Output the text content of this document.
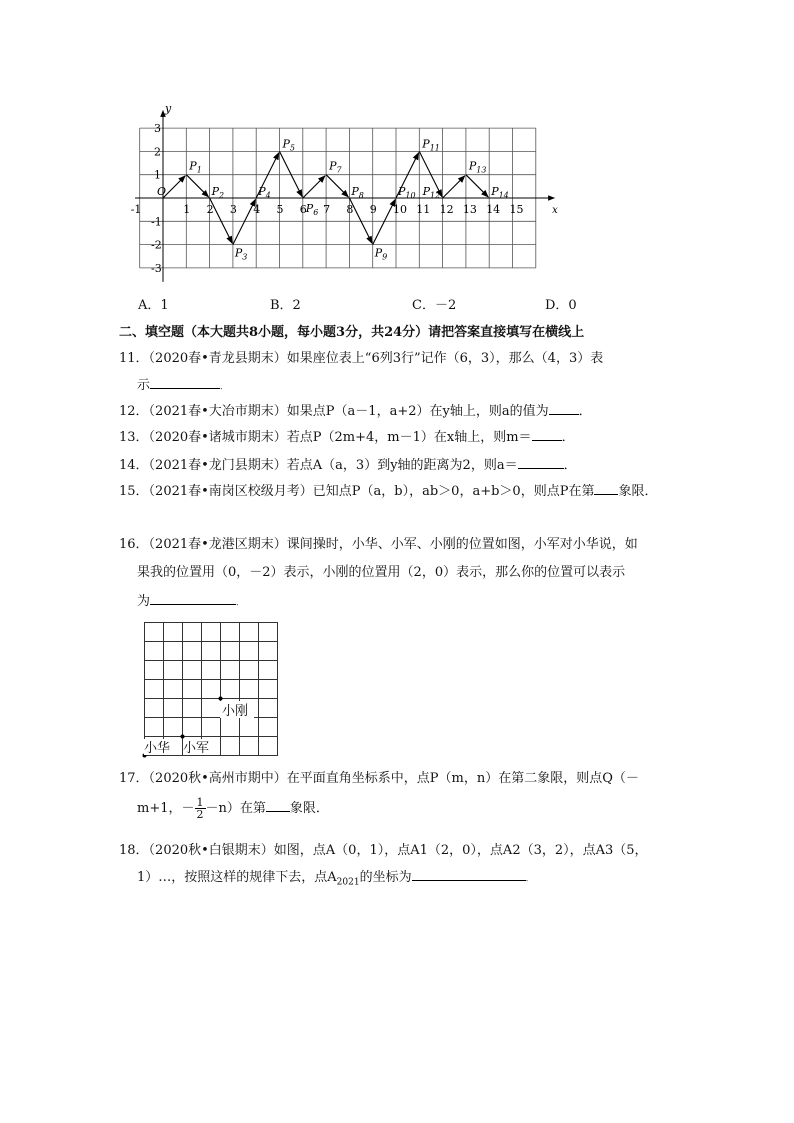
x
y
O
-1	1 2 3 4 5	7 8 9	11	13	15
6	10	12	14
3
2
1
-1
-2
-3
$P_1$
$P_2$
$P_3$
$P_4$
$P_5$
$P_6$
$P_7$
$P_8$
$P_9$
$P_{10}$
$P_{11}$
$P_{12}$
$P_{13}$
$P_{14}$
A．1	B．2	C．－2	D．0
二、填空题（本大题共8小题，每小题3分，共24分）请把答案直接填写在横线上
11．（2020春•青龙县期末）如果座位表上“6列3行”记作（6，3），那么（4，3）表
示	．
12．（2021春•大冶市期末）如果点P（a－1，a+2）在y轴上，则a的值为 ．
13．（2020春•诸城市期末）若点P（2m+4，m－1）在x轴上，则m＝ ．
14．（2021春•龙门县期末）若点A（a，3）到y轴的距离为2，则a＝	．
15．（2021春•南岗区校级月考）已知点P（a，b），ab＞0，a+b＞0，则点P在第 象限．
16．（2021春•龙港区期末）课间操时，小华、小军、小刚的位置如图，小军对小华说，如
果我的位置用（0，－2）表示，小刚的位置用（2，0）表示，那么你的位置可以表示
为	．
小刚
小华 小军
17．（2020秋•高州市期中）在平面直角坐标系中，点P（m，n）在第二象限，则点Q（－
m+1，－ $\frac{1}{2} -n$）在第 象限．
18．（2020秋•白银期末）如图，点A（0，1），点A1（2，0），点A2（3，2），点A3（5，
1）…，按照这样的规律下去，点$A_{2021}$的坐标为	．
